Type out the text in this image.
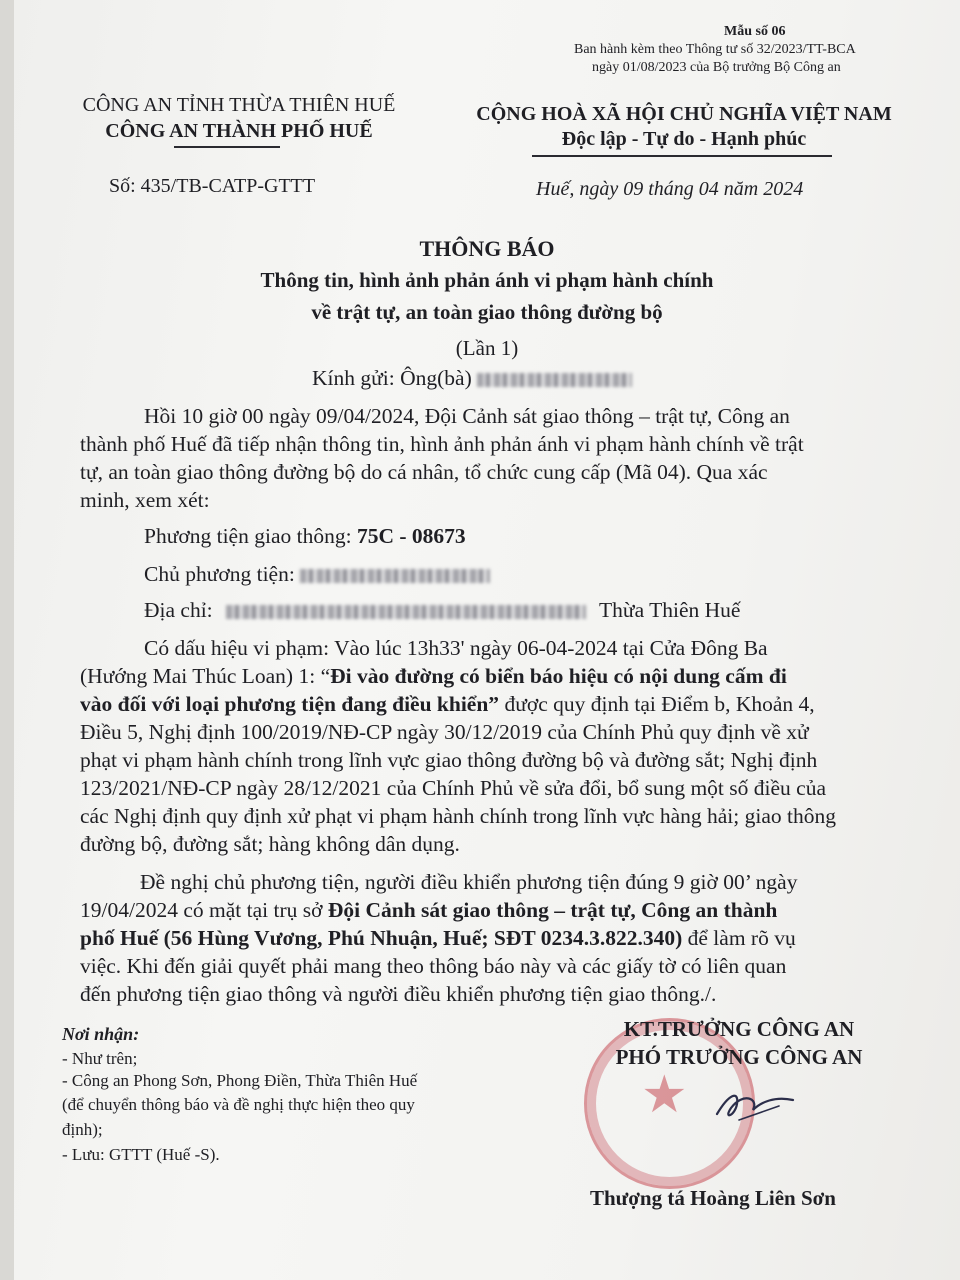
Mẫu số 06
Ban hành kèm theo Thông tư số 32/2023/TT-BCA
ngày 01/08/2023 của Bộ trưởng Bộ Công an
CÔNG AN TỈNH THỪA THIÊN HUẾ
CÔNG AN THÀNH PHỐ HUẾ
Số: 435/TB-CATP-GTTT
CỘNG HOÀ XÃ HỘI CHỦ NGHĨA VIỆT NAM
Độc lập - Tự do - Hạnh phúc
Huế, ngày 09 tháng 04 năm 2024
THÔNG BÁO
Thông tin, hình ảnh phản ánh vi phạm hành chính
về trật tự, an toàn giao thông đường bộ
(Lần 1)
Kính gửi: Ông(bà)
Hồi 10 giờ 00 ngày 09/04/2024, Đội Cảnh sát giao thông – trật tự, Công an
thành phố Huế đã tiếp nhận thông tin, hình ảnh phản ánh vi phạm hành chính về trật
tự, an toàn giao thông đường bộ do cá nhân, tổ chức cung cấp (Mã 04). Qua xác
minh, xem xét:
Phương tiện giao thông: 75C - 08673
Chủ phương tiện:
Địa chỉ:	Thừa Thiên Huế
Có dấu hiệu vi phạm: Vào lúc 13h33' ngày 06-04-2024 tại Cửa Đông Ba
(Hướng Mai Thúc Loan) 1: “Đi vào đường có biển báo hiệu có nội dung cấm đi
vào đối với loại phương tiện đang điều khiển” được quy định tại Điểm b, Khoản 4,
Điều 5, Nghị định 100/2019/NĐ-CP ngày 30/12/2019 của Chính Phủ quy định về xử
phạt vi phạm hành chính trong lĩnh vực giao thông đường bộ và đường sắt; Nghị định
123/2021/NĐ-CP ngày 28/12/2021 của Chính Phủ về sửa đổi, bổ sung một số điều của
các Nghị định quy định xử phạt vi phạm hành chính trong lĩnh vực hàng hải; giao thông
đường bộ, đường sắt; hàng không dân dụng.
Đề nghị chủ phương tiện, người điều khiển phương tiện đúng 9 giờ 00’ ngày
19/04/2024 có mặt tại trụ sở Đội Cảnh sát giao thông – trật tự, Công an thành
phố Huế (56 Hùng Vương, Phú Nhuận, Huế; SĐT 0234.3.822.340) để làm rõ vụ
việc. Khi đến giải quyết phải mang theo thông báo này và các giấy tờ có liên quan
đến phương tiện giao thông và người điều khiển phương tiện giao thông./.
Nơi nhận:
- Như trên;
- Công an Phong Sơn, Phong Điền, Thừa Thiên Huế
(để chuyển thông báo và đề nghị thực hiện theo quy
định);
- Lưu: GTTT (Huế -S).
★
KT.TRƯỞNG CÔNG AN
PHÓ TRƯỞNG CÔNG AN
Thượng tá Hoàng Liên Sơn
